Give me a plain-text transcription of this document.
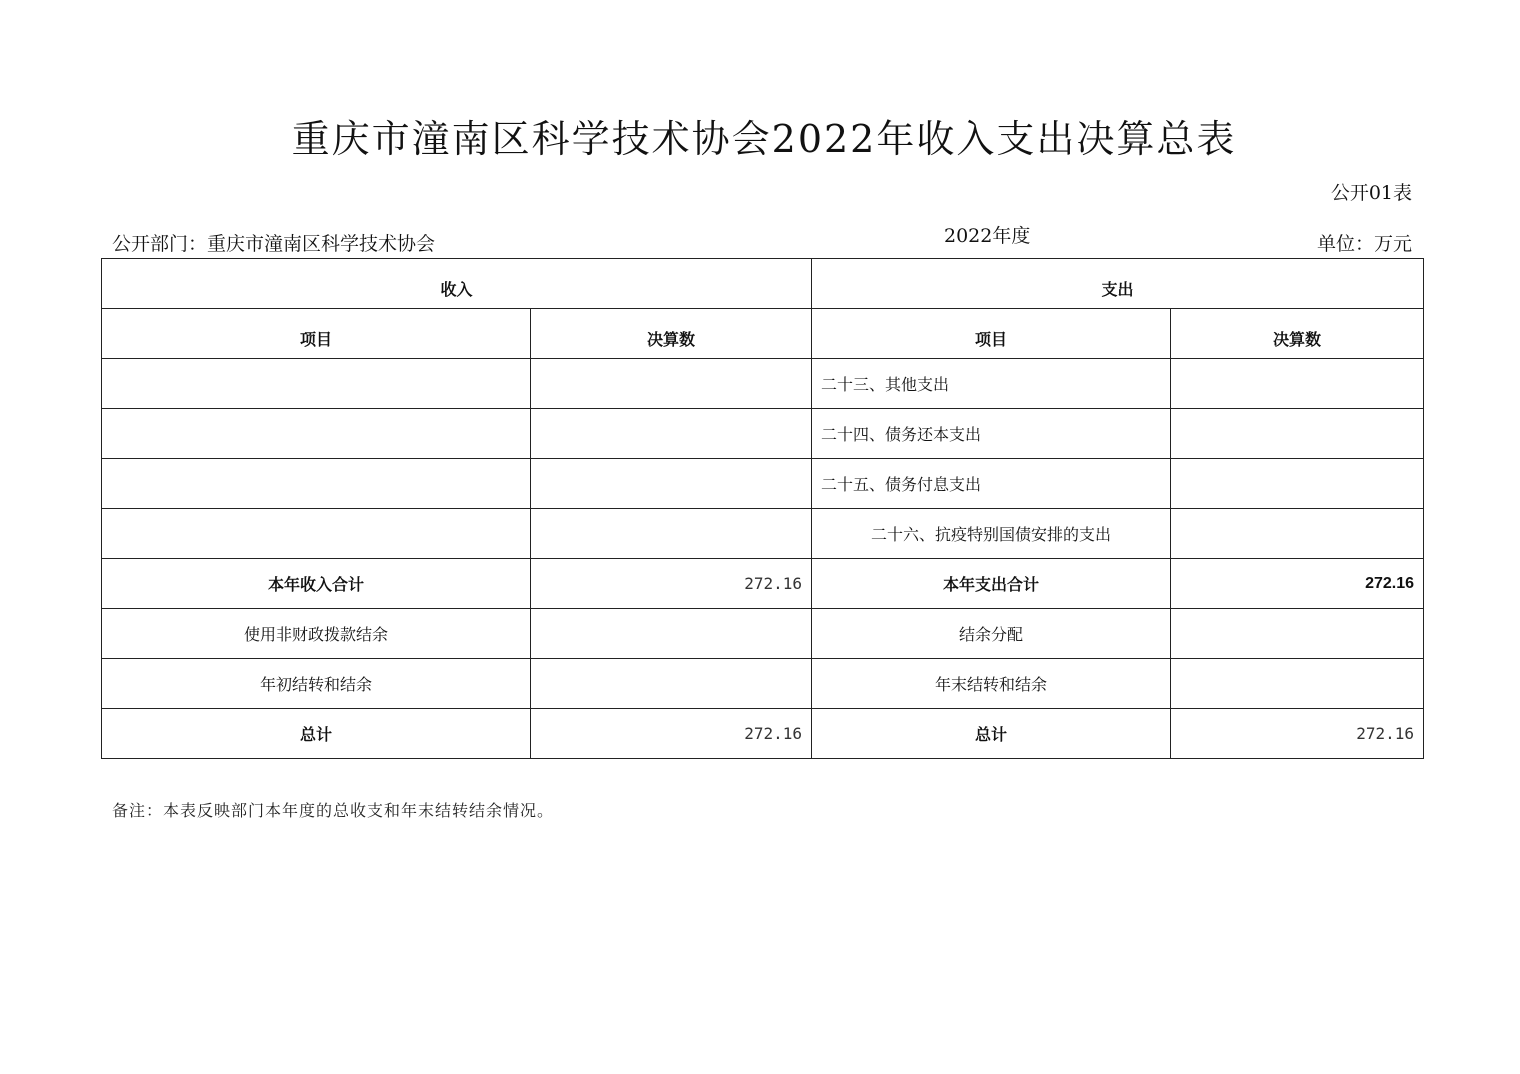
重庆市潼南区科学技术协会2022年收入支出决算总表
公开01表
公开部门：重庆市潼南区科学技术协会	2022年度	单位：万元
收入		支出	
项目	决算数	项目	决算数
		二十三、其他支出	
		二十四、债务还本支出	
		二十五、债务付息支出	
		二十六、抗疫特别国债安排的支出	
本年收入合计	272.16	本年支出合计	272.16
使用非财政拨款结余		结余分配	
年初结转和结余		年末结转和结余	
总计	272.16	总计	272.16
备注：本表反映部门本年度的总收支和年末结转结余情况。
